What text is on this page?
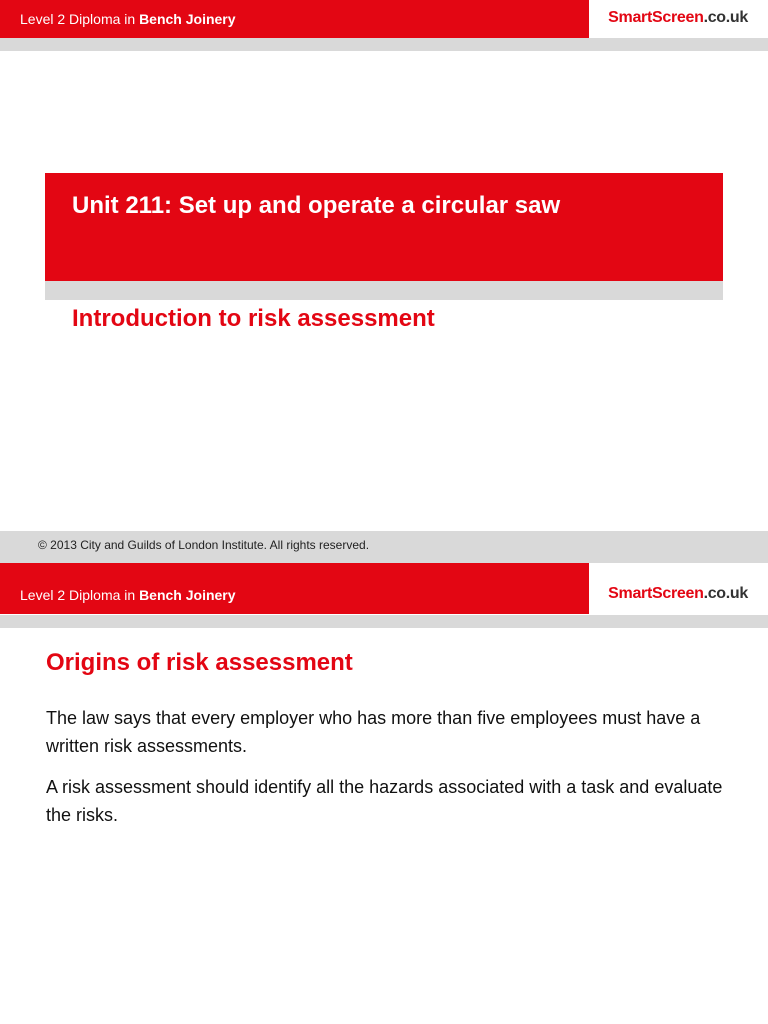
Level 2 Diploma in Bench Joinery	SmartScreen.co.uk
Unit 211: Set up and operate a circular saw
Introduction to risk assessment
© 2013 City and Guilds of London Institute. All rights reserved.
Level 2 Diploma in Bench Joinery	SmartScreen.co.uk
Origins of risk assessment

The law says that every employer who has more than five employees must have a written risk assessments.

A risk assessment should identify all the hazards associated with a task and evaluate the risks.
